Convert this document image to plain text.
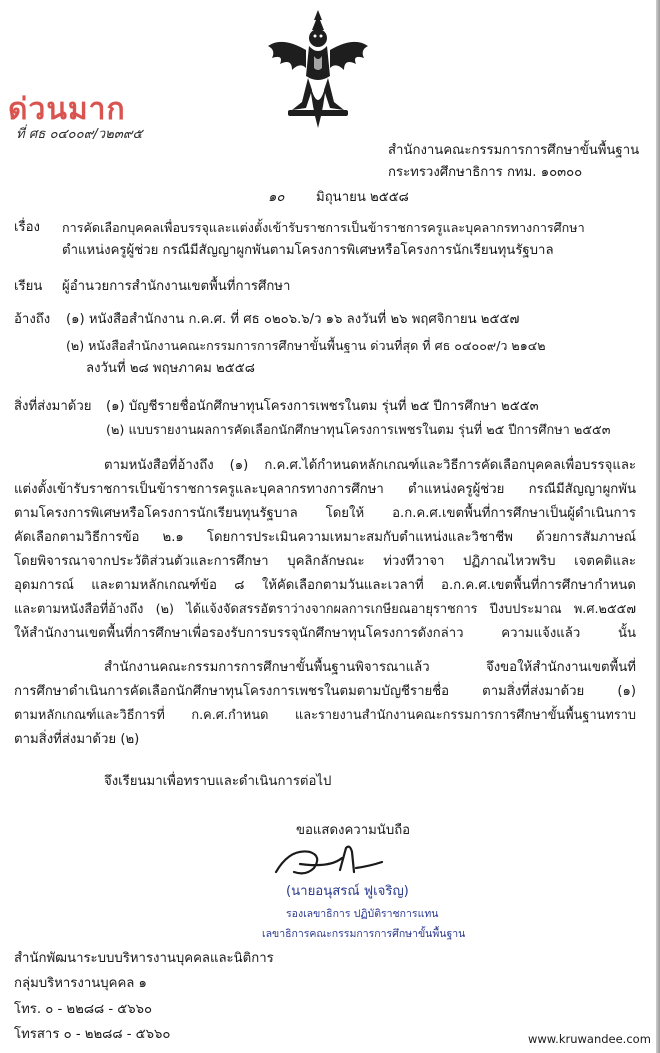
ด่วนมาก
ที่ ศธ ๐๔๐๐๙/ว๒๓๙๕
สำนักงานคณะกรรมการการศึกษาขั้นพื้นฐาน
กระทรวงศึกษาธิการ กทม. ๑๐๓๐๐
๑๐ มิถุนายน ๒๕๕๘
เรื่อง การคัดเลือกบุคคลเพื่อบรรจุและแต่งตั้งเข้ารับราชการเป็นข้าราชการครูและบุคลากรทางการศึกษา
ตำแหน่งครูผู้ช่วย กรณีมีสัญญาผูกพันตามโครงการพิเศษหรือโครงการนักเรียนทุนรัฐบาล
เรียน ผู้อำนวยการสำนักงานเขตพื้นที่การศึกษา
อ้างถึง (๑) หนังสือสำนักงาน ก.ค.ศ. ที่ ศธ ๐๒๐๖.๖/ว ๑๖ ลงวันที่ ๒๖ พฤศจิกายน ๒๕๕๗
(๒) หนังสือสำนักงานคณะกรรมการการศึกษาขั้นพื้นฐาน ด่วนที่สุด ที่ ศธ ๐๔๐๐๙/ว ๒๑๔๒
ลงวันที่ ๒๘ พฤษภาคม ๒๕๕๘
สิ่งที่ส่งมาด้วย (๑) บัญชีรายชื่อนักศึกษาทุนโครงการเพชรในตม รุ่นที่ ๒๕ ปีการศึกษา ๒๕๕๓
(๒) แบบรายงานผลการคัดเลือกนักศึกษาทุนโครงการเพชรในตม รุ่นที่ ๒๕ ปีการศึกษา ๒๕๕๓
ตามหนังสือที่อ้างถึง (๑) ก.ค.ศ.ได้กำหนดหลักเกณฑ์และวิธีการคัดเลือกบุคคลเพื่อบรรจุและ
แต่งตั้งเข้ารับราชการเป็นข้าราชการครูและบุคลากรทางการศึกษา ตำแหน่งครูผู้ช่วย กรณีมีสัญญาผูกพัน
ตามโครงการพิเศษหรือโครงการนักเรียนทุนรัฐบาล โดยให้ อ.ก.ค.ศ.เขตพื้นที่การศึกษาเป็นผู้ดำเนินการ
คัดเลือกตามวิธีการข้อ ๒.๑ โดยการประเมินความเหมาะสมกับตำแหน่งและวิชาชีพ ด้วยการสัมภาษณ์
โดยพิจารณาจากประวัติส่วนตัวและการศึกษา บุคลิกลักษณะ ท่วงทีวาจา ปฏิภาณไหวพริบ เจตคติและ
อุดมการณ์ และตามหลักเกณฑ์ข้อ ๘ ให้คัดเลือกตามวันและเวลาที่ อ.ก.ค.ศ.เขตพื้นที่การศึกษากำหนด
และตามหนังสือที่อ้างถึง (๒) ได้แจ้งจัดสรรอัตราว่างจากผลการเกษียณอายุราชการ ปีงบประมาณ พ.ศ.๒๕๕๗
ให้สำนักงานเขตพื้นที่การศึกษาเพื่อรองรับการบรรจุนักศึกษาทุนโครงการดังกล่าว ความแจ้งแล้ว นั้น
สำนักงานคณะกรรมการการศึกษาขั้นพื้นฐานพิจารณาแล้ว จึงขอให้สำนักงานเขตพื้นที่
การศึกษาดำเนินการคัดเลือกนักศึกษาทุนโครงการเพชรในตมตามบัญชีรายชื่อ ตามสิ่งที่ส่งมาด้วย (๑)
ตามหลักเกณฑ์และวิธีการที่ ก.ค.ศ.กำหนด และรายงานสำนักงานคณะกรรมการการศึกษาขั้นพื้นฐานทราบ
ตามสิ่งที่ส่งมาด้วย (๒)
จึงเรียนมาเพื่อทราบและดำเนินการต่อไป
ขอแสดงความนับถือ
(นายอนุสรณ์ ฟูเจริญ)
รองเลขาธิการ ปฏิบัติราชการแทน
เลขาธิการคณะกรรมการการศึกษาขั้นพื้นฐาน
สำนักพัฒนาระบบบริหารงานบุคคลและนิติการ
กลุ่มบริหารงานบุคคล ๑
โทร. ๐ - ๒๒๘๘ - ๕๖๖๐
โทรสาร ๐ - ๒๒๘๘ - ๕๖๖๐	www.kruwandee.com
